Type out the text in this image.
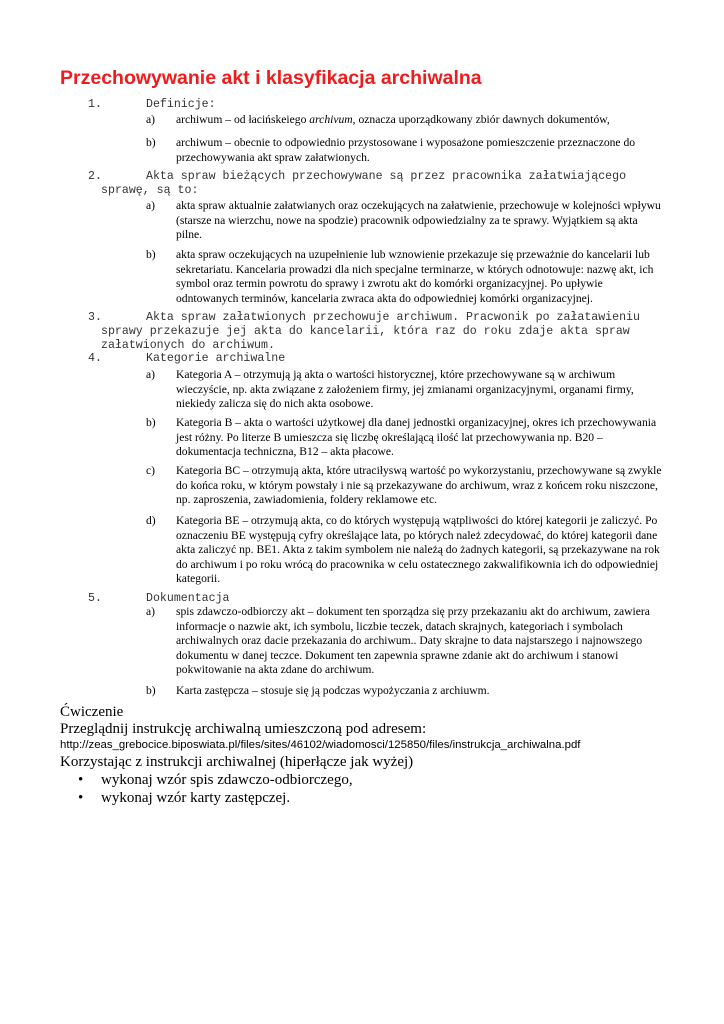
Przechowywanie akt i klasyfikacja archiwalna
1.	Definicje:
a) archiwum – od łacińskeiego archivum, oznacza uporządkowany zbiór dawnych dokumentów,
b) archiwum – obecnie to odpowiednio przystosowane i wyposażone pomieszczenie przeznaczone do przechowywania akt spraw załatwionych.
2.	Akta spraw bieżących przechowywane są przez pracownika załatwiającego sprawę, są to:
a) akta spraw aktualnie załatwianych oraz oczekujących na załatwienie, przechowuje w kolejności wpływu (starsze na wierzchu, nowe na spodzie) pracownik odpowiedzialny za te sprawy. Wyjątkiem są akta pilne.
b) akta spraw oczekujących na uzupełnienie lub wznowienie przekazuje się przeważnie do kancelarii lub sekretariatu. Kancelaria prowadzi dla nich specjalne terminarze, w których odnotowuje: nazwę akt, ich symbol oraz termin powrotu do sprawy i zwrotu akt do komórki organizacyjnej. Po upływie odntowanych terminów, kancelaria zwraca akta do odpowiedniej komórki organizacyjnej.
3.	Akta spraw załatwionych przechowuje archiwum. Pracwonik po załatawieniu sprawy przekazuje jej akta do kancelarii, która raz do roku zdaje akta spraw załatwionych do archiwum.
4.	Kategorie archiwalne
a) Kategoria A – otrzymują ją akta o wartości historycznej, które przechowywane są w archiwum wieczyście, np. akta związane z założeniem firmy, jej zmianami organizacyjnymi, organami firmy, niekiedy zalicza się do nich akta osobowe.
b) Kategoria B – akta o wartości użytkowej dla danej jednostki organizacyjnej, okres ich przechowywania jest różny. Po literze B umieszcza się liczbę określającą ilość lat przechowywania np. B20 – dokumentacja techniczna, B12 – akta płacowe.
c) Kategoria BC – otrzymują akta, które utraciłyswą wartość po wykorzystaniu, przechowywane są zwykle do końca roku, w którym powstały i nie są przekazywane do archiwum, wraz z końcem roku niszczone, np. zaproszenia, zawiadomienia, foldery reklamowe etc.
d) Kategoria BE – otrzymują akta, co do których występują wątpliwości do której kategorii je zaliczyć. Po oznaczeniu BE występują cyfry określające lata, po których należ zdecydować, do której kategorii dane akta zaliczyć np. BE1. Akta z takim symbolem nie należą do żadnych kategorii, są przekazywane na rok do archiwum i po roku wrócą do pracownika w celu ostatecznego zakwalifikownia ich do odpowiedniej kategorii.
5.	Dokumentacja
a) spis zdawczo-odbiorczy akt – dokument ten sporządza się przy przekazaniu akt do archiwum, zawiera informacje o nazwie akt, ich symbolu, liczbie teczek, datach skrajnych, kategoriach i symbolach archiwalnych oraz dacie przekazania do archiwum.. Daty skrajne to data najstarszego i najnowszego dokumentu w danej teczce. Dokument ten zapewnia sprawne zdanie akt do archiwum i stanowi pokwitowanie na akta zdane do archiwum.
b) Karta zastępcza – stosuje się ją podczas wypożyczania z archiuwm.
Ćwiczenie
Przeglądnij instrukcję archiwalną umieszczoną pod adresem:
http://zeas_grebocice.biposwiata.pl/files/sites/46102/wiadomosci/125850/files/instrukcja_archiwalna.pdf
Korzystając z instrukcji archiwalnej (hiperłącze jak wyżej)
• wykonaj wzór spis zdawczo-odbiorczego,
• wykonaj wzór karty zastępczej.
